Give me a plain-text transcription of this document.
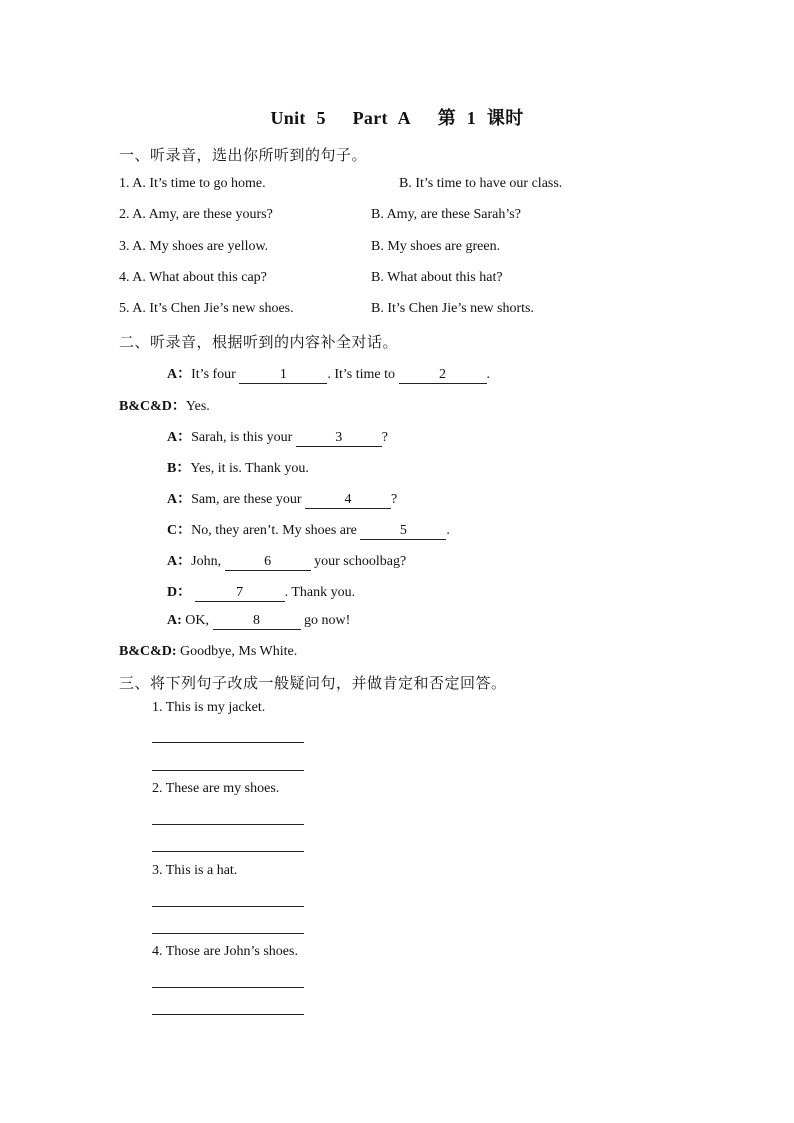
Unit 5 Part A 第 1 课时
一、听录音，选出你所听到的句子。
1. A. It’s time to go home.	B. It’s time to have our class.
2. A. Amy, are these yours?	B. Amy, are these Sarah’s?
3. A. My shoes are yellow.	B. My shoes are green.
4. A. What about this cap?	B. What about this hat?
5. A. It’s Chen Jie’s new shoes.	B. It’s Chen Jie’s new shorts.
二、听录音，根据听到的内容补全对话。
A：It’s four	1	. It’s time to	2	.
B&C&D：Yes.
A：Sarah, is this your	3	?
B：Yes, it is. Thank you.
A：Sam, are these your	4	?
C：No, they aren’t. My shoes are	5	.
A：John,	6	your schoolbag?
D：	7	. Thank you.
A: OK,	8	go now!
B&C&D: Goodbye, Ms White.
三、将下列句子改成一般疑问句，并做肯定和否定回答。
1. This is my jacket.
2. These are my shoes.
3. This is a hat.
4. Those are John’s shoes.
